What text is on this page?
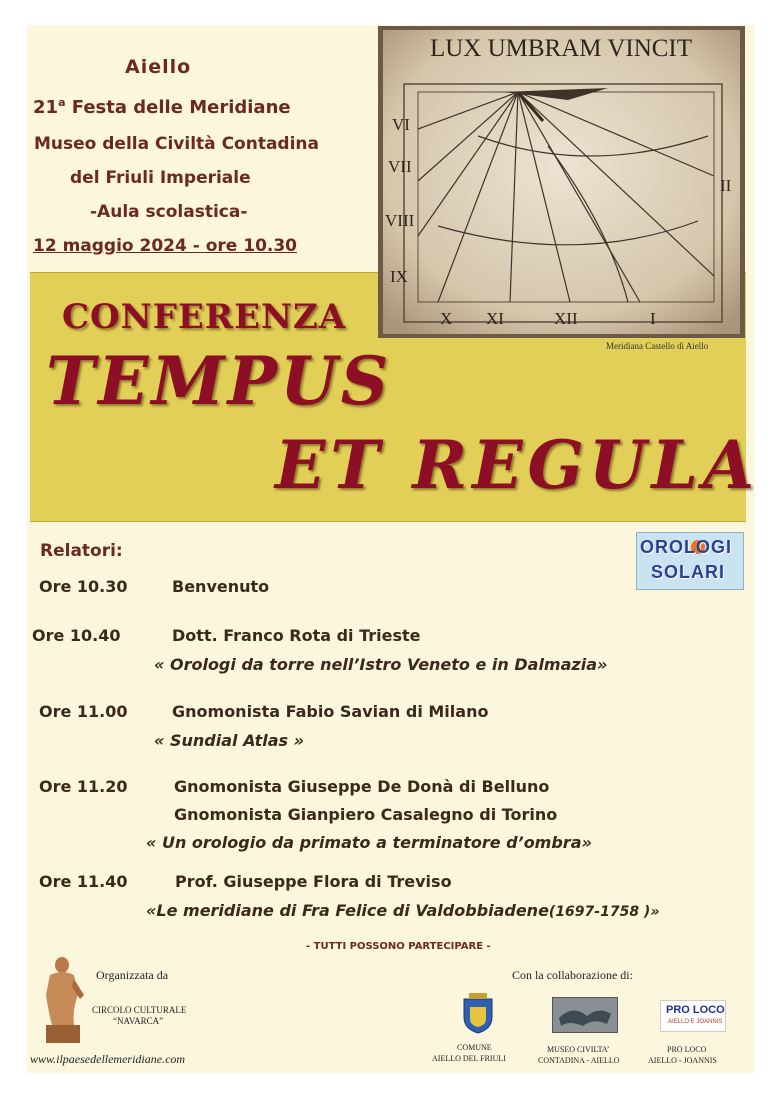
Aiello
21$^a$ Festa delle Meridiane
Museo della Civiltà Contadina
del Friuli Imperiale
-Aula scolastica-
12 maggio 2024 - ore 10.30
CONFERENZA
TEMPUS
ET REGULA
LUX UMBRAM VINCIT
VI
VII
VIII
IX
X XI	XII	I
II
Meridiana Castello di Aiello
OROLOGI
SOLARI
Relatori:
Ore 10.30	Benvenuto
Ore 10.40	Dott. Franco Rota di Trieste
« Orologi da torre nell’Istro Veneto e in Dalmazia»
Ore 11.00	Gnomonista Fabio Savian di Milano
« Sundial Atlas »
Ore 11.20	Gnomonista Giuseppe De Donà di Belluno
Gnomonista Gianpiero Casalegno di Torino
« Un orologio da primato a terminatore d’ombra»
Ore 11.40	Prof. Giuseppe Flora di Treviso
«Le meridiane di Fra Felice di Valdobbiadene(1697-1758 )»
- TUTTI POSSONO PARTECIPARE -
Organizzata da
CIRCOLO CULTURALE
“NAVARCA”
www.ilpaesedellemeridiane.com
Con la collaborazione di:
COMUNE
AIELLO DEL FRIULI
MUSEO CIVILTA’
CONTADINA - AIELLO
PRO LOCO
AIELLO E JOANNIS
PRO LOCO
AIELLO - JOANNIS
